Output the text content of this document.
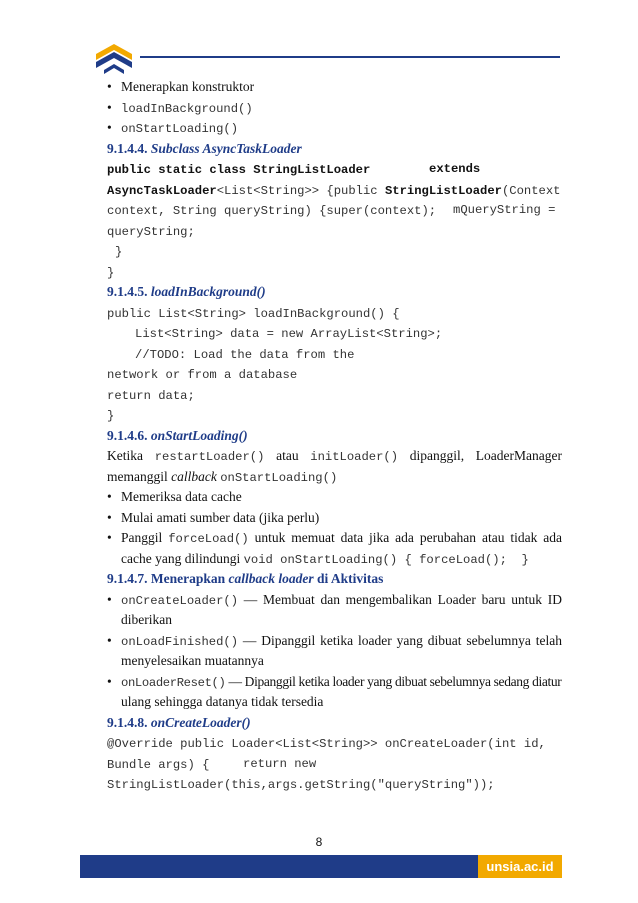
• Menerapkan konstruktor
• loadInBackground()
• onStartLoading()
9.1.4.4. Subclass AsyncTaskLoader
public static class StringListLoader	extends
AsyncTaskLoader<List<String>> {public StringListLoader(Context
context, String queryString) {super(context); mQueryString =
queryString;
}
}
9.1.4.5. loadInBackground()
public List<String> loadInBackground() {
List<String> data = new ArrayList<String>;
//TODO: Load the data from the
network or from a database
return data;
}
9.1.4.6. onStartLoading()
Ketika restartLoader() atau initLoader() dipanggil, LoaderManager
memanggil callback onStartLoading()
• Memeriksa data cache
• Mulai amati sumber data (jika perlu)
• Panggil forceLoad() untuk memuat data jika ada perubahan atau tidak ada
cache yang dilindungi void onStartLoading() { forceLoad();  }
9.1.4.7. Menerapkan callback loader di Aktivitas
• onCreateLoader() — Membuat dan mengembalikan Loader baru untuk ID
diberikan
• onLoadFinished() — Dipanggil ketika loader yang dibuat sebelumnya telah
menyelesaikan muatannya
• onLoaderReset() — Dipanggil ketika loader yang dibuat sebelumnya sedang diatur
ulang sehingga datanya tidak tersedia
9.1.4.8. onCreateLoader()
@Override public Loader<List<String>> onCreateLoader(int id,
Bundle args) {	return new
StringListLoader(this,args.getString("queryString"));
8
unsia.ac.id
